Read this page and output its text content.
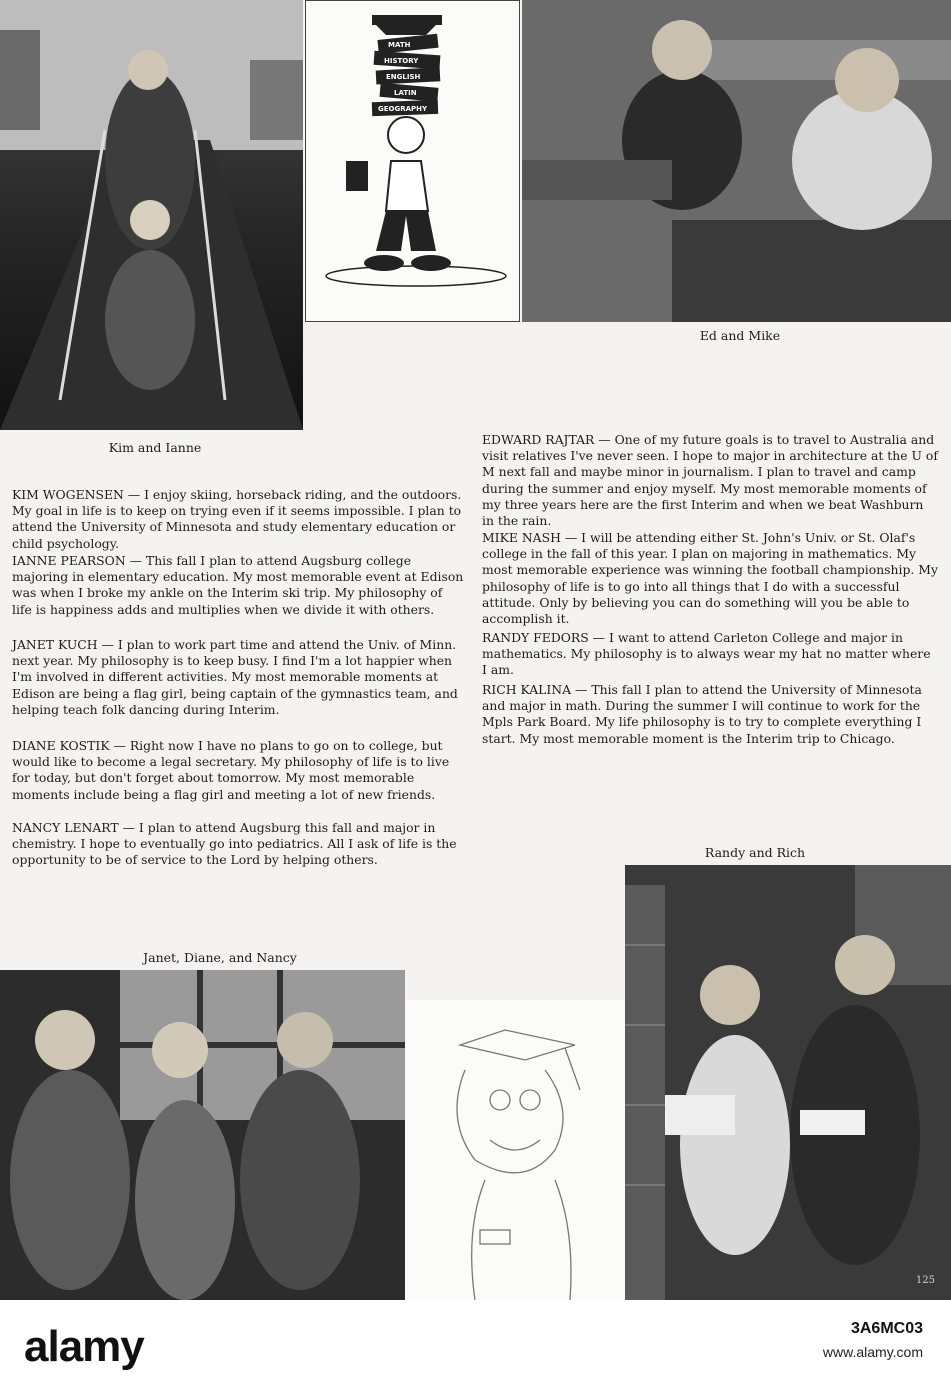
MATH
HISTORY
ENGLISH
LATIN
GEOGRAPHY

Ed and Mike

Kim and Ianne

KIM WOGENSEN — I enjoy skiing, horseback riding, and the outdoors. My goal in life is to keep on trying even if it seems impossible. I plan to attend the University of Minnesota and study elementary education or child psychology.

IANNE PEARSON — This fall I plan to attend Augsburg college majoring in elementary education. My most memorable event at Edison was when I broke my ankle on the Interim ski trip. My philosophy of life is happiness adds and multiplies when we divide it with others.

JANET KUCH — I plan to work part time and attend the Univ. of Minn. next year. My philosophy is to keep busy. I find I'm a lot happier when I'm involved in different activities. My most memorable moments at Edison are being a flag girl, being captain of the gymnastics team, and helping teach folk dancing during Interim.

DIANE KOSTIK — Right now I have no plans to go on to college, but would like to become a legal secretary. My philosophy of life is to live for today, but don't forget about tomorrow. My most memorable moments include being a flag girl and meeting a lot of new friends.

NANCY LENART — I plan to attend Augsburg this fall and major in chemistry. I hope to eventually go into pediatrics. All I ask of life is the opportunity to be of service to the Lord by helping others.

EDWARD RAJTAR — One of my future goals is to travel to Australia and visit relatives I've never seen. I hope to major in architecture at the U of M next fall and maybe minor in journalism. I plan to travel and camp during the summer and enjoy myself. My most memorable moments of my three years here are the first Interim and when we beat Washburn in the rain.

MIKE NASH — I will be attending either St. John's Univ. or St. Olaf's college in the fall of this year. I plan on majoring in mathematics. My most memorable experience was winning the football championship. My philosophy of life is to go into all things that I do with a successful attitude. Only by believing you can do something will you be able to accomplish it.

RANDY FEDORS — I want to attend Carleton College and major in mathematics. My philosophy is to always wear my hat no matter where I am.

RICH KALINA — This fall I plan to attend the University of Minnesota and major in math. During the summer I will continue to work for the Mpls Park Board. My life philosophy is to try to complete everything I start. My most memorable moment is the Interim trip to Chicago.

Randy and Rich

Janet, Diane, and Nancy

125
alamy	3A6MC03
www.alamy.com
